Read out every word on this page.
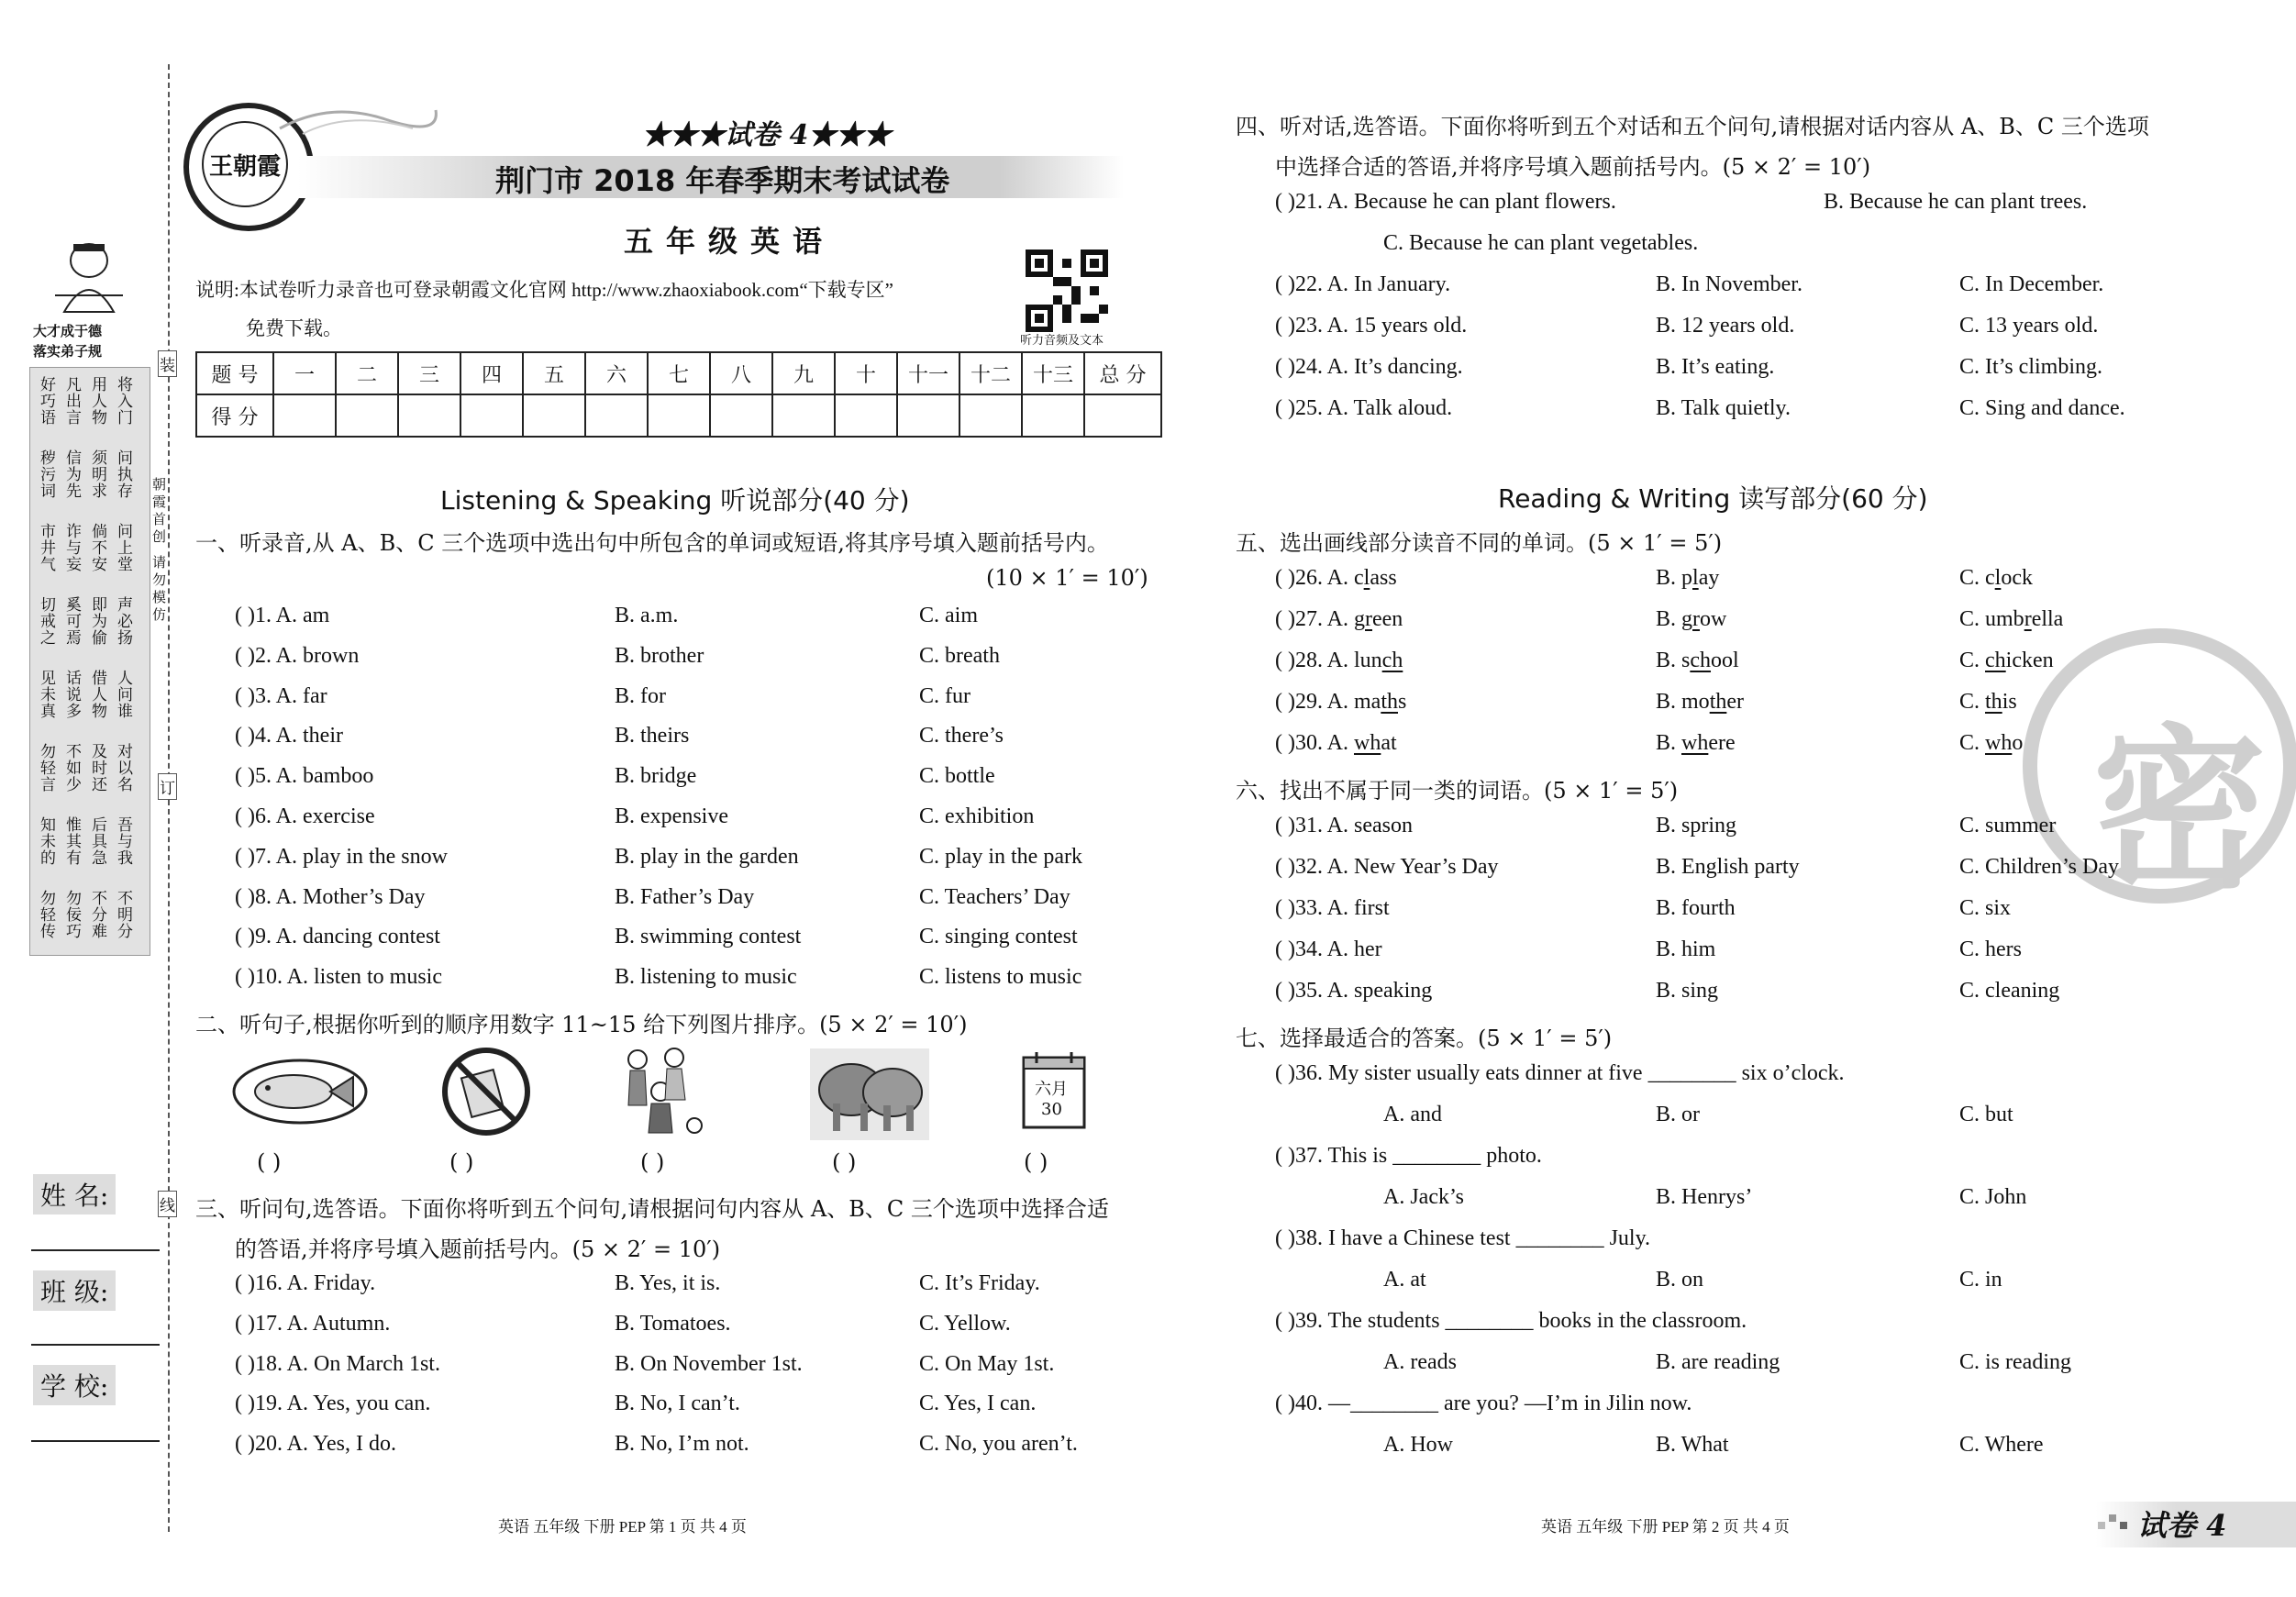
大才成于德
落实弟子规
好巧语 凡出言 用人物 将入门
秽污词 信为先 须明求 问执存
市井气 诈与妄 倘不安 问上堂
切戒之 奚可焉 即为偷 声必扬
见未真 话说多 借人物 人问谁
勿轻言 不如少 及时还 对以名
知未的 惟其有 后具急 吾与我
勿轻传 勿佞巧 不分难 不明分
朝霞首创 请勿模仿
装
订
线
姓 名:
班 级:
学 校:
王朝霞
★★★试卷 4★★★
荆门市 2018 年春季期末考试试卷
五年级英语
说明:本试卷听力录音也可登录朝霞文化官网 http://www.zhaoxiabook.com“下载专区”
免费下载。
听力音频及文本
题 号	一	二	三	四	五	六	七	八	九	十	十一	十二	十三	总 分
得 分														
Listening & Speaking 听说部分(40 分)
一、听录音,从 A、B、C 三个选项中选出句中所包含的单词或短语,将其序号填入题前括号内。
(10 × 1′ = 10′)
( )1. A. am	B. a.m.	C. aim
( )2. A. brown	B. brother	C. breath
( )3. A. far	B. for	C. fur
( )4. A. their	B. theirs	C. there’s
( )5. A. bamboo	B. bridge	C. bottle
( )6. A. exercise	B. expensive	C. exhibition
( )7. A. play in the snow	B. play in the garden	C. play in the park
( )8. A. Mother’s Day	B. Father’s Day	C. Teachers’ Day
( )9. A. dancing contest	B. swimming contest	C. singing contest
( )10. A. listen to music	B. listening to music	C. listens to music
二、听句子,根据你听到的顺序用数字 11~15 给下列图片排序。(5 × 2′ = 10′)
六月
30
( )	( )	( )	( )	( )
三、听问句,选答语。下面你将听到五个问句,请根据问句内容从 A、B、C 三个选项中选择合适
的答语,并将序号填入题前括号内。(5 × 2′ = 10′)
( )16. A. Friday.	B. Yes, it is.	C. It’s Friday.
( )17. A. Autumn.	B. Tomatoes.	C. Yellow.
( )18. A. On March 1st.	B. On November 1st.	C. On May 1st.
( )19. A. Yes, you can.	B. No, I can’t.	C. Yes, I can.
( )20. A. Yes, I do.	B. No, I’m not.	C. No, you aren’t.
四、听对话,选答语。下面你将听到五个对话和五个问句,请根据对话内容从 A、B、C 三个选项
中选择合适的答语,并将序号填入题前括号内。(5 × 2′ = 10′)
( )21. A. Because he can plant flowers.	B. Because he can plant trees.
C. Because he can plant vegetables.
( )22. A. In January.	B. In November.	C. In December.
( )23. A. 15 years old.	B. 12 years old.	C. 13 years old.
( )24. A. It’s dancing.	B. It’s eating.	C. It’s climbing.
( )25. A. Talk aloud.	B. Talk quietly.	C. Sing and dance.
密
Reading & Writing 读写部分(60 分)
五、选出画线部分读音不同的单词。(5 × 1′ = 5′)
( )26. A. class	B. play	C. clock
( )27. A. green	B. grow	C. umbrella
( )28. A. lunch	B. school	C. chicken
( )29. A. maths	B. mother	C. this
( )30. A. what	B. where	C. who
六、找出不属于同一类的词语。(5 × 1′ = 5′)
( )31. A. season	B. spring	C. summer
( )32. A. New Year’s Day	B. English party	C. Children’s Day
( )33. A. first	B. fourth	C. six
( )34. A. her	B. him	C. hers
( )35. A. speaking	B. sing	C. cleaning
七、选择最适合的答案。(5 × 1′ = 5′)
( )36. My sister usually eats dinner at five ________ six o’clock.
A. and	B. or	C. but
( )37. This is ________ photo.
A. Jack’s	B. Henrys’	C. John
( )38. I have a Chinese test ________ July.
A. at	B. on	C. in
( )39. The students ________ books in the classroom.
A. reads	B. are reading	C. is reading
( )40. —________ are you? —I’m in Jilin now.
A. How	B. What	C. Where
英语 五年级 下册 PEP 第 1 页 共 4 页	英语 五年级 下册 PEP 第 2 页 共 4 页	试卷 4
